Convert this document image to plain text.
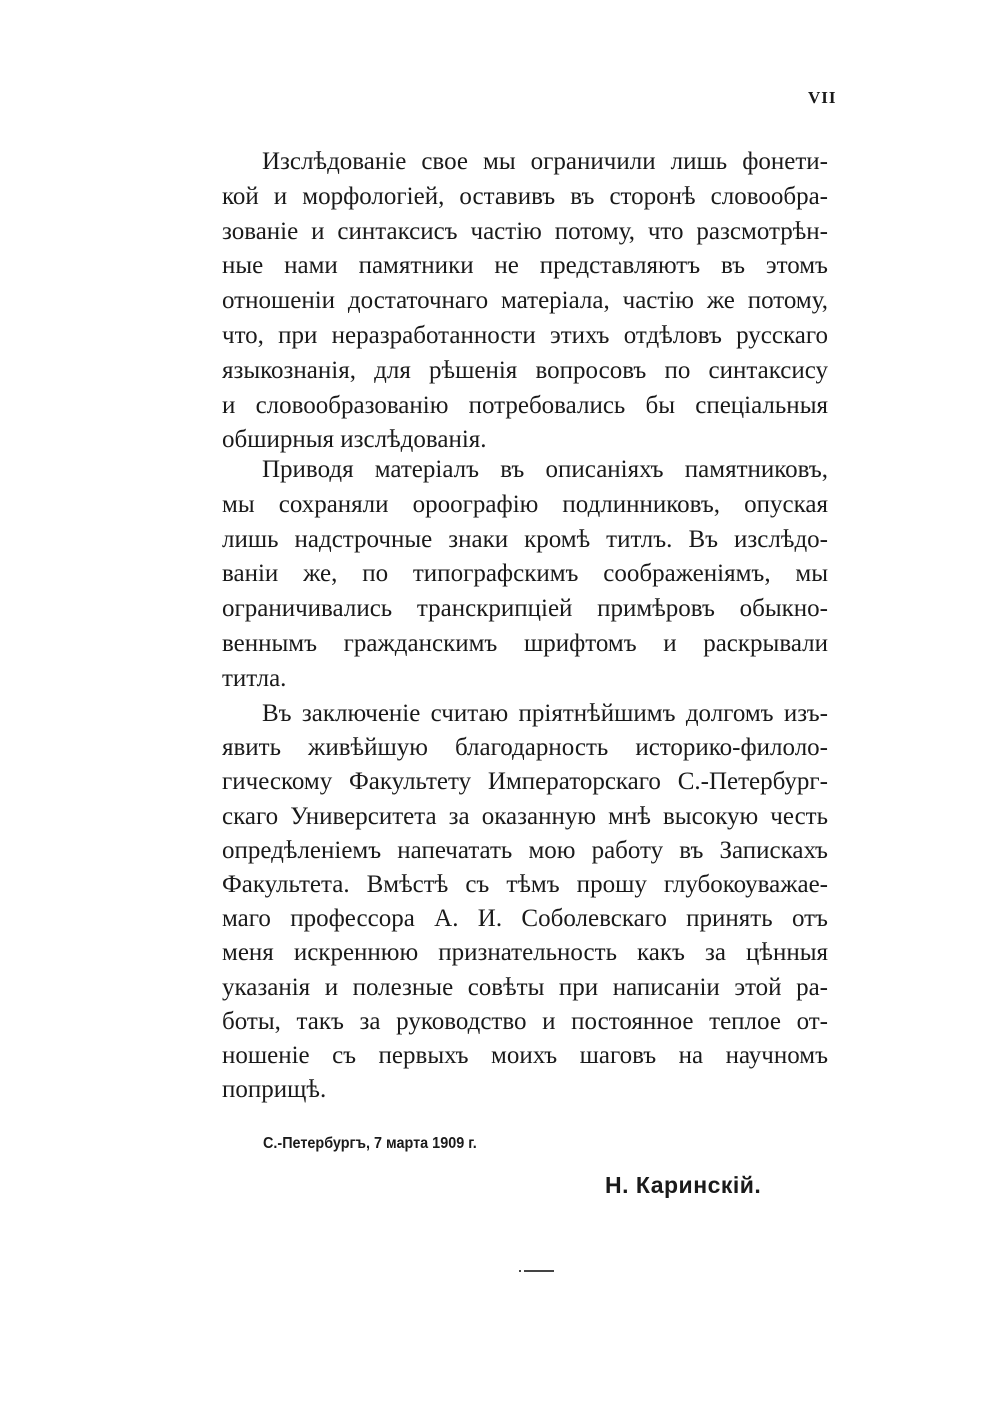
VII
Изслѣдованіе свое мы ограничили лишь фонети-
кой и морфологіей, оставивъ въ сторонѣ словообра-
зованіе и синтаксисъ частію потому, что разсмотрѣн-
ные нами памятники не представляютъ въ этомъ
отношеніи достаточнаго матеріала, частію же потому,
что, при неразработанности этихъ отдѣловъ русскаго
языкознанія, для рѣшенія вопросовъ по синтаксису
и словообразованію потребовались бы спеціальныя
обширныя изслѣдованія.
Приводя матеріалъ въ описаніяхъ памятниковъ,
мы сохраняли ороографію подлинниковъ, опуская
лишь надстрочные знаки кромѣ титлъ. Въ изслѣдо-
ваніи же, по типографскимъ соображеніямъ, мы
ограничивались транскрипціей примѣровъ обыкно-
веннымъ гражданскимъ шрифтомъ и раскрывали
титла.
Въ заключеніе считаю пріятнѣйшимъ долгомъ изъ-
явить живѣйшую благодарность историко-филоло-
гическому Факультету Императорскаго С.-Петербург-
скаго Университета за оказанную мнѣ высокую честь
опредѣленіемъ напечатать мою работу въ Запискахъ
Факультета. Вмѣстѣ съ тѣмъ прошу глубокоуважае-
маго профессора А. И. Соболевскаго принять отъ
меня искреннюю признательность какъ за цѣнныя
указанія и полезные совѣты при написаніи этой ра-
боты, такъ за руководство и постоянное теплое от-
ношеніе съ первыхъ моихъ шаговъ на научномъ
поприщѣ.
С.-Петербургъ, 7 марта 1909 г.
Н. Каринскій.
